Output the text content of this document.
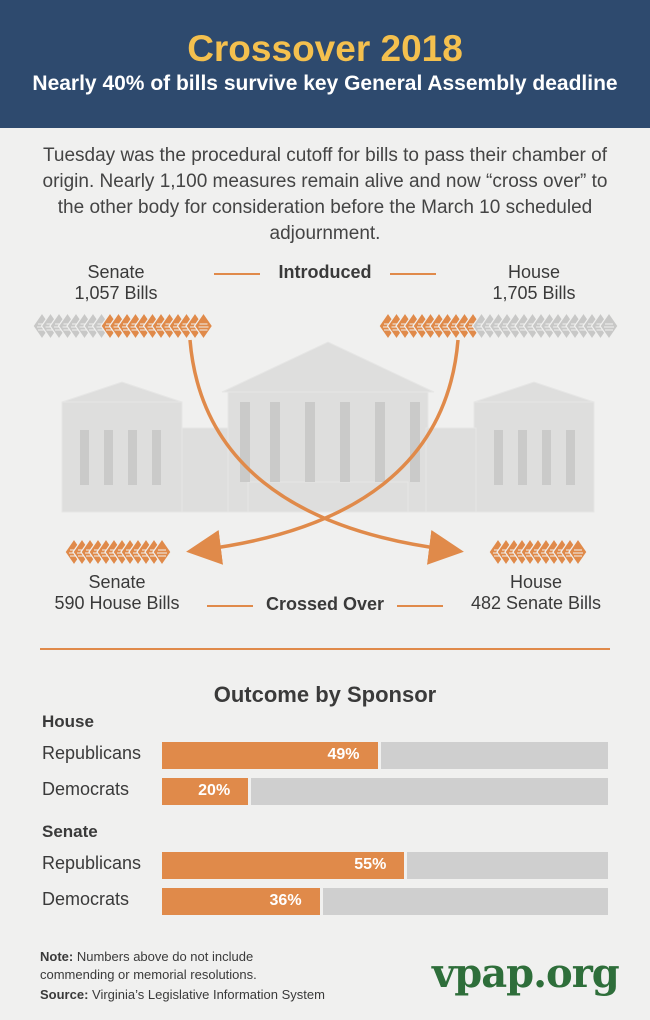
Crossover 2018
Nearly 40% of bills survive key General Assembly deadline
Tuesday was the procedural cutoff for bills to pass their chamber of origin. Nearly 1,100 measures remain alive and now “cross over” to the other body for consideration before the March 10 scheduled adjournment.
Senate
1,057 Bills
Introduced	House
1,705 Bills
Senate
590 House Bills	Crossed Over
House
482 Senate Bills
Outcome by Sponsor
House
Republicans	49%
Democrats	20%
Senate
Republicans	55%
Democrats	36%
Note: Numbers above do not include commending or memorial resolutions.
Source: Virginia’s Legislative Information System	vpap.org
